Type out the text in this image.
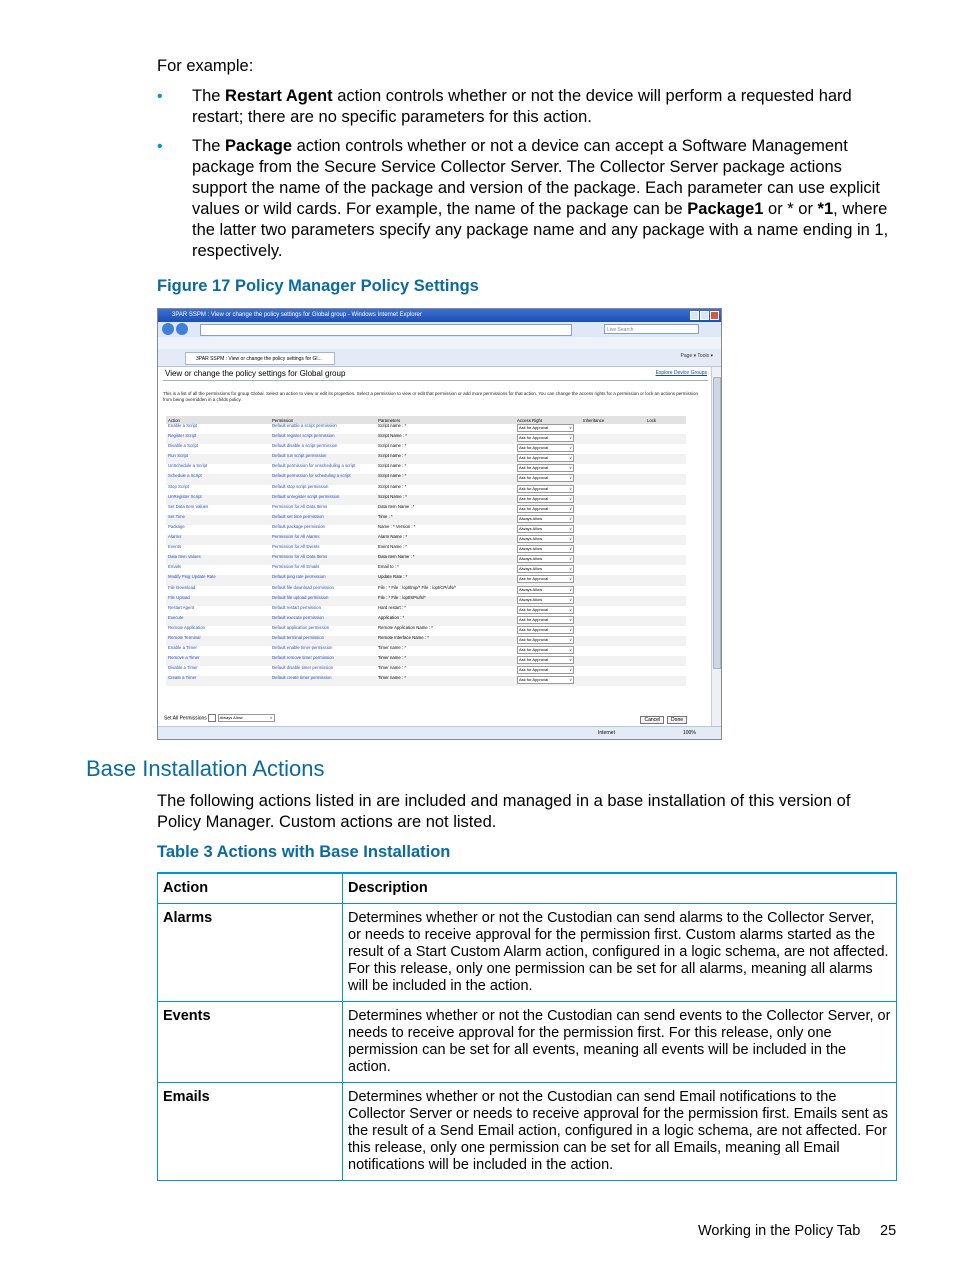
For example:
• The Restart Agent action controls whether or not the device will perform a requested hard restart; there are no specific parameters for this action.
• The Package action controls whether or not a device can accept a Software Management package from the Secure Service Collector Server. The Collector Server package actions support the name of the package and version of the package. Each parameter can use explicit values or wild cards. For example, the name of the package can be Package1 or * or *1, where the latter two parameters specify any package name and any package with a name ending in 1, respectively.
Figure 17 Policy Manager Policy Settings
3PAR SSPM : View or change the policy settings for Global group - Windows Internet Explorer
Live Search
3PAR SSPM : View or change the policy settings for Gl...	Page ▾ Tools ▾
View or change the policy settings for Global group	Explore Device Groups
This is a list of all the permissions for group Global. Select an action to view or edit its properties. Select a permission to view or edit that permission or add more permissions for that action. You can change the access rights for a permission or lock an actions permission from being overridden in a childs policy.
Action	Permission	Parameters	Access Right	Inheritance	Lock
Enable a Script	Default enable a script permission	Script name : *	Ask for Approval ∨		
Register Script	Default register script permission	Script Name : *	Ask for Approval ∨		
Disable a Script	Default disable a script permission	Script name : *	Ask for Approval ∨		
Run Script	Default run script permission	Script name : *	Ask for Approval ∨		
UnSchedule a Script	Default permission for unscheduling a script	Script name : *	Ask for Approval ∨		
Schedule a Script	Default permission for scheduling a script	Script name : *	Ask for Approval ∨		
Stop Script	Default stop script permission	Script name : *	Ask for Approval ∨		
UnRegister Script	Default unregister script permission	Script Name : *	Ask for Approval ∨		
Set Data Item Values	Permission for All Data Items	Data Item Name : *	Ask for Approval ∨		
Set Time	Default set time permission	Time : *	Always Allow ∨		
Package	Default package permission	Name : * Version : *	Always Allow ∨		
Alarms	Permission for All Alarms	Alarm Name : *	Always Allow ∨		
Events	Permission for All Events	Event Name : *	Always Allow ∨		
Data Item Values	Permission for All Data Items	Data Item Name : *	Always Allow ∨		
Emails	Permission for All Emails	Email to : *	Always Allow ∨		
Modify Ping Update Rate	Default ping rate permission	Update Rate : *	Ask for Approval ∨		
File Download	Default file download permission	File : * File : /opt/tmp/* File : /opt/CP/ufs/*	Always Allow ∨		
File Upload	Default file upload permission	File : * File : /opt/SP/ufs/*	Always Allow ∨		
Restart Agent	Default restart permission	Hard restart : *	Ask for Approval ∨		
Execute	Default execute permission	Application : *	Ask for Approval ∨		
Remote Application	Default application permission	Remote Application Name : *	Ask for Approval ∨		
Remote Terminal	Default terminal permission	Remote Interface Name : *	Ask for Approval ∨		
Enable a Timer	Default enable timer permission	Timer name : *	Ask for Approval ∨		
Remove a Timer	Default remove timer permission	Timer name : *	Ask for Approval ∨		
Disable a Timer	Default disable timer permission	Timer name : *	Ask for Approval ∨		
Create a Timer	Default create timer permission	Timer name : *	Ask for Approval ∨		
Set All Permissions	Always Allow ∨	Cancel	Done
Internet	100%
Base Installation Actions
The following actions listed in are included and managed in a base installation of this version of Policy Manager. Custom actions are not listed.
Table 3 Actions with Base Installation
Action	Description
Alarms	Determines whether or not the Custodian can send alarms to the Collector Server, or needs to receive approval for the permission first. Custom alarms started as the result of a Start Custom Alarm action, configured in a logic schema, are not affected. For this release, only one permission can be set for all alarms, meaning all alarms will be included in the action.
Events	Determines whether or not the Custodian can send events to the Collector Server, or needs to receive approval for the permission first. For this release, only one permission can be set for all events, meaning all events will be included in the action.
Emails	Determines whether or not the Custodian can send Email notifications to the Collector Server or needs to receive approval for the permission first. Emails sent as the result of a Send Email action, configured in a logic schema, are not affected. For this release, only one permission can be set for all Emails, meaning all Email notifications will be included in the action.
Working in the Policy Tab 25
